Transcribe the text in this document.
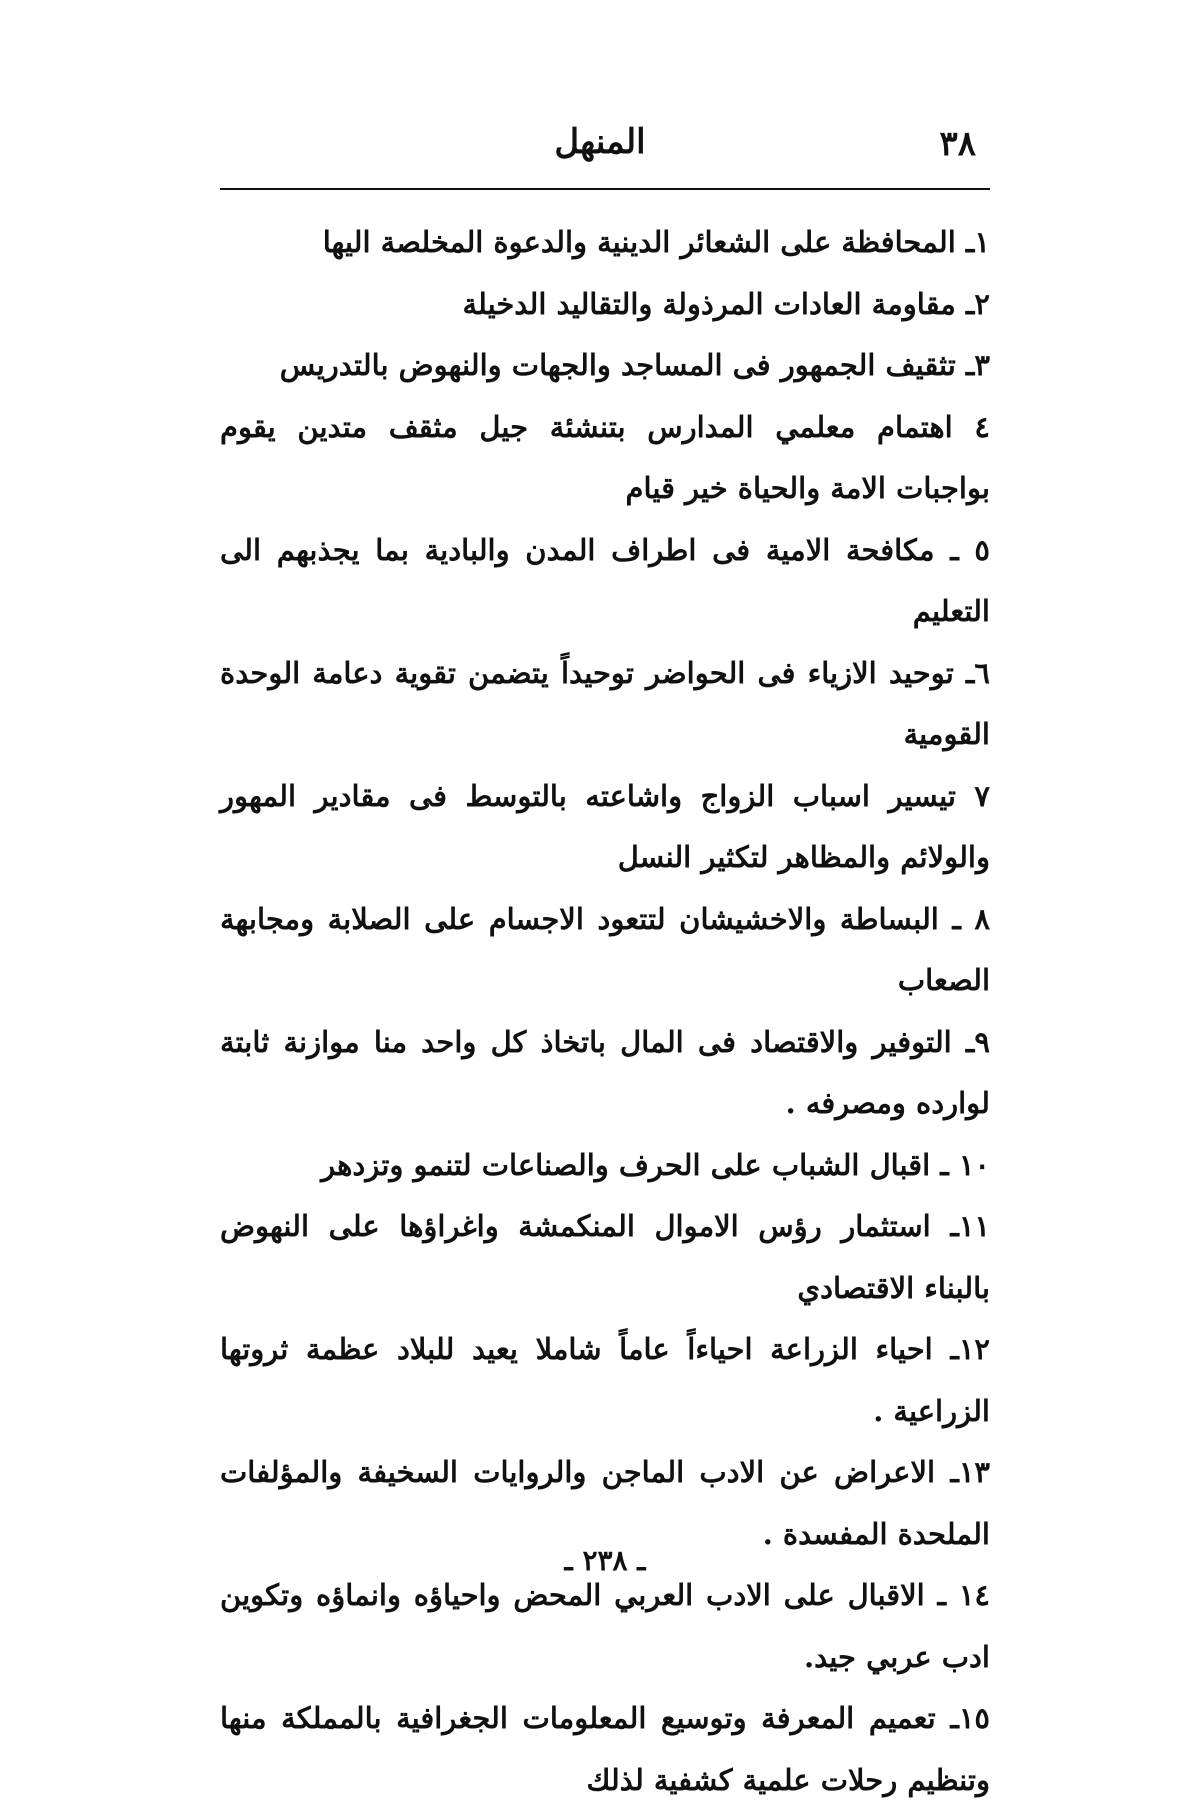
٣٨
المنهل

١ـ المحافظة على الشعائر الدينية والدعوة المخلصة اليها

٢ـ مقاومة العادات المرذولة والتقاليد الدخيلة

٣ـ تثقيف الجمهور فى المساجد والجهات والنهوض بالتدريس

٤ اهتمام معلمي المدارس بتنشئة جيل مثقف متدين يقوم بواجبات الامة والحياة خير قيام

٥ ـ مكافحة الامية فى اطراف المدن والبادية بما يجذبهم الى التعليم

٦ـ توحيد الازياء فى الحواضر توحيداً يتضمن تقوية دعامة الوحدة القومية

٧ تيسير اسباب الزواج واشاعته بالتوسط فى مقادير المهور والولائم والمظاهر لتكثير النسل

٨ ـ البساطة والاخشيشان لتتعود الاجسام على الصلابة ومجابهة الصعاب

٩ـ التوفير والاقتصاد فى المال باتخاذ كل واحد منا موازنة ثابتة لوارده ومصرفه .

١٠ ـ اقبال الشباب على الحرف والصناعات لتنمو وتزدهر

١١ـ استثمار رؤس الاموال المنكمشة واغراؤها على النهوض بالبناء الاقتصادي

١٢ـ احياء الزراعة احياءاً عاماً شاملا يعيد للبلاد عظمة ثروتها الزراعية .

١٣ـ الاعراض عن الادب الماجن والروايات السخيفة والمؤلفات الملحدة المفسدة .

١٤ ـ الاقبال على الادب العربي المحض واحياؤه وانماؤه وتكوين ادب عربي جيد.

١٥ـ تعميم المعرفة وتوسيع المعلومات الجغرافية بالمملكة منها وتنظيم رحلات علمية كشفية لذلك

ـ ٢٣٨ ـ
